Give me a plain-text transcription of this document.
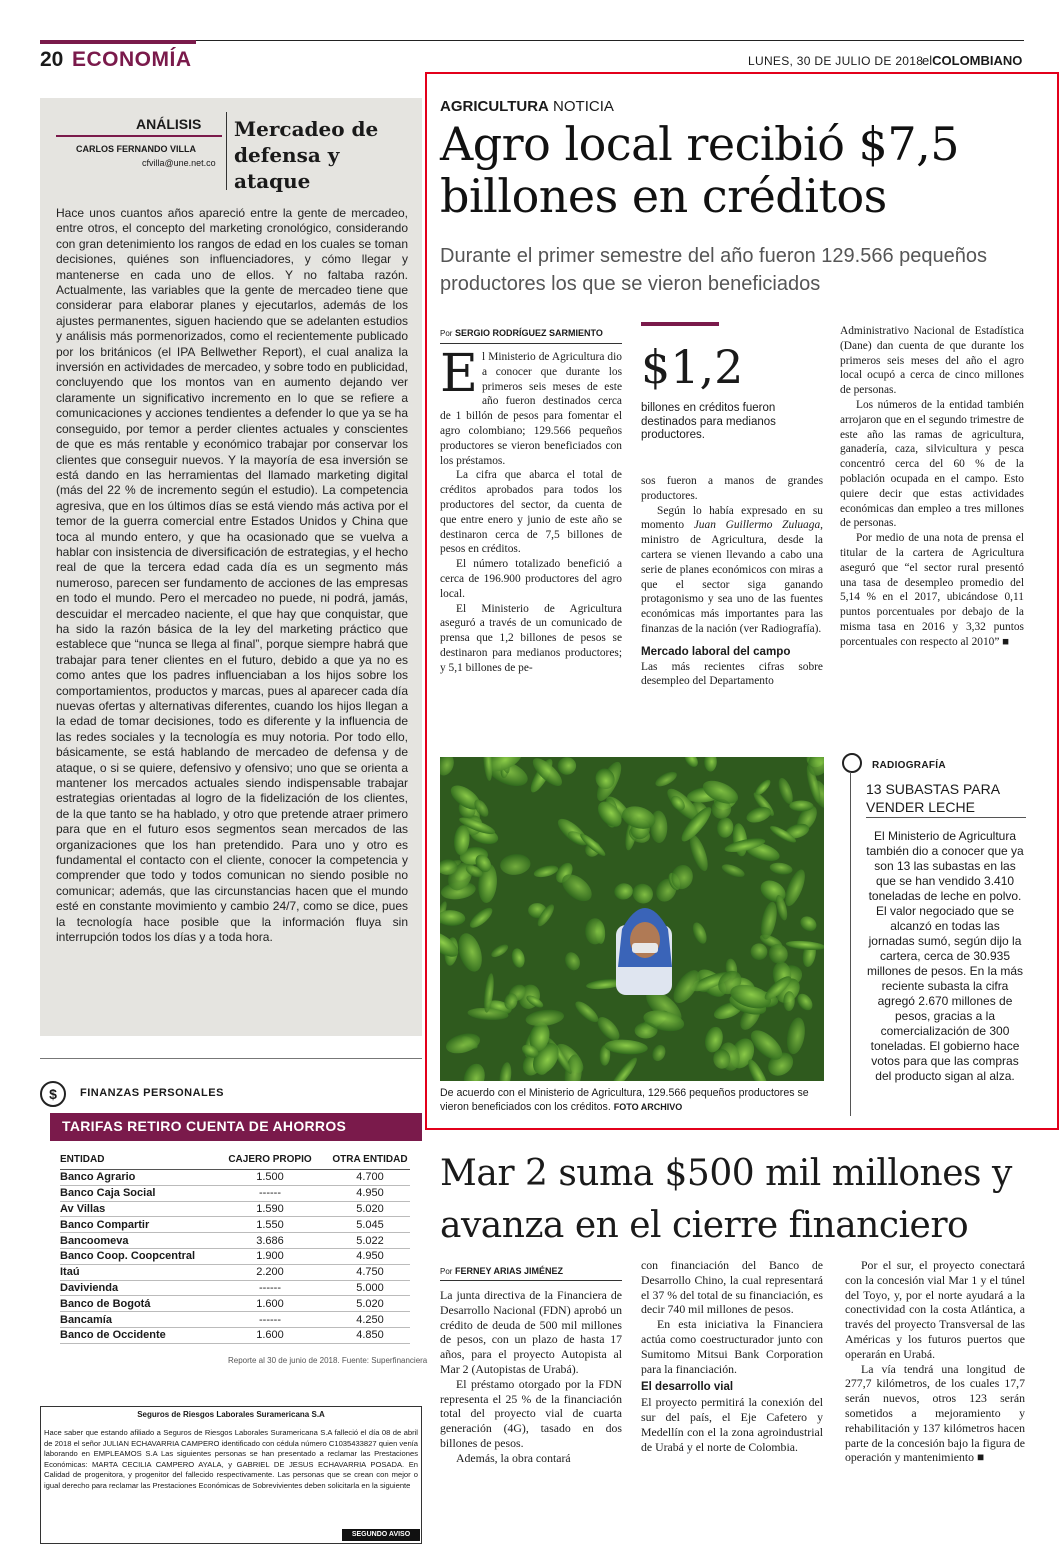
20 ECONOMÍA	LUNES, 30 DE JULIO DE 2018
elCOLOMBIANO
ANÁLISIS
CARLOS FERNANDO VILLA
cfvilla@une.net.co
Mercadeo de defensa y ataque
Hace unos cuantos años apareció entre la gente de mercadeo, entre otros, el concepto del marketing cronológico, considerando con gran detenimiento los rangos de edad en los cuales se toman decisiones, quiénes son influenciadores, y cómo llegar y mantenerse en cada uno de ellos. Y no faltaba razón. Actualmente, las variables que la gente de mercadeo tiene que considerar para elaborar planes y ejecutarlos, además de los ajustes permanentes, siguen haciendo que se adelanten estudios y análisis más pormenorizados, como el recientemente publicado por los británicos (el IPA Bellwether Report), el cual analiza la inversión en actividades de mercadeo, y sobre todo en publicidad, concluyendo que los montos van en aumento dejando ver claramente un significativo incremento en lo que se refiere a comunicaciones y acciones tendientes a defender lo que ya se ha conseguido, por temor a perder clientes actuales y conscientes de que es más rentable y económico trabajar por conservar los clientes que conseguir nuevos. Y la mayoría de esa inversión se está dando en las herramientas del llamado marketing digital (más del 22 % de incremento según el estudio). La competencia agresiva, que en los últimos días se está viendo más activa por el temor de la guerra comercial entre Estados Unidos y China que toca al mundo entero, y que ha ocasionado que se vuelva a hablar con insistencia de diversificación de estrategias, y el hecho real de que la tercera edad cada día es un segmento más numeroso, parecen ser fundamento de acciones de las empresas en todo el mundo. Pero el mercadeo no puede, ni podrá, jamás, descuidar el mercadeo naciente, el que hay que conquistar, que ha sido la razón básica de la ley del marketing práctico que establece que “nunca se llega al final”, porque siempre habrá que trabajar para tener clientes en el futuro, debido a que ya no es como antes que los padres influenciaban a los hijos sobre los comportamientos, productos y marcas, pues al aparecer cada día nuevas ofertas y alternativas diferentes, cuando los hijos llegan a la edad de tomar decisiones, todo es diferente y la influencia de las redes sociales y la tecnología es muy notoria. Por todo ello, básicamente, se está hablando de mercadeo de defensa y de ataque, o si se quiere, defensivo y ofensivo; uno que se orienta a mantener los mercados actuales siendo indispensable trabajar estrategias orientadas al logro de la fidelización de los clientes, de la que tanto se ha hablado, y otro que pretende atraer primero para que en el futuro esos segmentos sean mercados de las organizaciones que los han pretendido. Para uno y otro es fundamental el contacto con el cliente, conocer la competencia y comprender que todo y todos comunican no siendo posible no comunicar; además, que las circunstancias hacen que el mundo esté en constante movimiento y cambio 24/7, como se dice, pues la tecnología hace posible que la información fluya sin interrupción todos los días y a toda hora.
$	FINANZAS PERSONALES
TARIFAS RETIRO CUENTA DE AHORROS
ENTIDAD	CAJERO PROPIO	OTRA ENTIDAD
Banco Agrario	1.500	4.700
Banco Caja Social	------	4.950
Av Villas	1.590	5.020
Banco Compartir	1.550	5.045
Bancoomeva	3.686	5.022
Banco Coop. Coopcentral	1.900	4.950
Itaú	2.200	4.750
Davivienda	------	5.000
Banco de Bogotá	1.600	5.020
Bancamía	------	4.250
Banco de Occidente	1.600	4.850
Reporte al 30 de junio de 2018. Fuente: Superfinanciera
Seguros de Riesgos Laborales Suramericana S.A
Hace saber que estando afiliado a Seguros de Riesgos Laborales Suramericana S.A falleció el día 08 de abril de 2018 el señor JULIAN ECHAVARRIA CAMPERO identificado con cédula número C1035433827 quien venía laborando en EMPLEAMOS S.A Las siguientes personas se han presentado a reclamar las Prestaciones Económicas: MARTA CECILIA CAMPERO AYALA, y GABRIEL DE JESUS ECHAVARRIA POSADA. En Calidad de progenitora, y progenitor del fallecido respectivamente. Las personas que se crean con mejor o igual derecho para reclamar las Prestaciones Económicas de Sobrevivientes deben solicitarla en la siguiente
SEGUNDO AVISO
AGRICULTURA NOTICIA
Agro local recibió $7,5 billones en créditos
Durante el primer semestre del año fueron 129.566 pequeños productores los que se vieron beneficiados
Por SERGIO RODRÍGUEZ SARMIENTO

El Ministerio de Agricultura dio a conocer que durante los primeros seis meses de este año fueron destinados cerca de 1 billón de pesos para fomentar el agro colombiano; 129.566 pequeños productores se vieron beneficiados con los préstamos.

La cifra que abarca el total de créditos aprobados para todos los productores del sector, da cuenta de que entre enero y junio de este año se destinaron cerca de 7,5 billones de pesos en créditos.

El número totalizado benefició a cerca de 196.900 productores del agro local.

El Ministerio de Agricultura aseguró a través de un comunicado de prensa que 1,2 billones de pesos se destinaron para medianos productores; y 5,1 billones de pe-

$1,2
billones en créditos fueron destinados para medianos productores.

sos fueron a manos de grandes productores.

Según lo había expresado en su momento Juan Guillermo Zuluaga, ministro de Agricultura, desde la cartera se vienen llevando a cabo una serie de planes económicos con miras a que el sector siga ganando protagonismo y sea uno de las fuentes económicas más importantes para las finanzas de la nación (ver Radiografía).

Mercado laboral del campo

Las más recientes cifras sobre desempleo del Departamento

Administrativo Nacional de Estadística (Dane) dan cuenta de que durante los primeros seis meses del año el agro local ocupó a cerca de cinco millones de personas.

Los números de la entidad también arrojaron que en el segundo trimestre de este año las ramas de agricultura, ganadería, caza, silvicultura y pesca concentró cerca del 60 % de la población ocupada en el campo. Esto quiere decir que estas actividades económicas dan empleo a tres millones de personas.

Por medio de una nota de prensa el titular de la cartera de Agricultura aseguró que “el sector rural presentó una tasa de desempleo promedio del 5,14 % en el 2017, ubicándose 0,11 puntos porcentuales por debajo de la misma tasa en 2016 y 3,32 puntos porcentuales con respecto al 2010” ■

De acuerdo con el Ministerio de Agricultura, 129.566 pequeños productores se vieron beneficiados con los créditos. FOTO ARCHIVO
RADIOGRAFÍA
13 SUBASTAS PARA VENDER LECHE
El Ministerio de Agricultura también dio a conocer que ya son 13 las subastas en las que se han vendido 3.410 toneladas de leche en polvo. El valor negociado que se alcanzó en todas las jornadas sumó, según dijo la cartera, cerca de 30.935 millones de pesos. En la más reciente subasta la cifra agregó 2.670 millones de pesos, gracias a la comercialización de 300 toneladas. El gobierno hace votos para que las compras del producto sigan al alza.
Mar 2 suma $500 mil millones y avanza en el cierre financiero
Por FERNEY ARIAS JIMÉNEZ

La junta directiva de la Financiera de Desarrollo Nacional (FDN) aprobó un crédito de deuda de 500 mil millones de pesos, con un plazo de hasta 17 años, para el proyecto Autopista al Mar 2 (Autopistas de Urabá).

El préstamo otorgado por la FDN representa el 25 % de la financiación total del proyecto vial de cuarta generación (4G), tasado en dos billones de pesos.

Además, la obra contará

con financiación del Banco de Desarrollo Chino, la cual representará el 37 % del total de su financiación, es decir 740 mil millones de pesos.

En esta iniciativa la Financiera actúa como coestructurador junto con Sumitomo Mitsui Bank Corporation para la financiación.

El desarrollo vial

El proyecto permitirá la conexión del sur del país, el Eje Cafetero y Medellín con el la zona agroindustrial de Urabá y el norte de Colombia.

Por el sur, el proyecto conectará con la concesión vial Mar 1 y el túnel del Toyo, y, por el norte ayudará a la conectividad con la costa Atlántica, a través del proyecto Transversal de las Américas y los futuros puertos que operarán en Urabá.

La vía tendrá una longitud de 277,7 kilómetros, de los cuales 17,7 serán nuevos, otros 123 serán sometidos a mejoramiento y rehabilitación y 137 kilómetros hacen parte de la concesión bajo la figura de operación y mantenimiento ■
